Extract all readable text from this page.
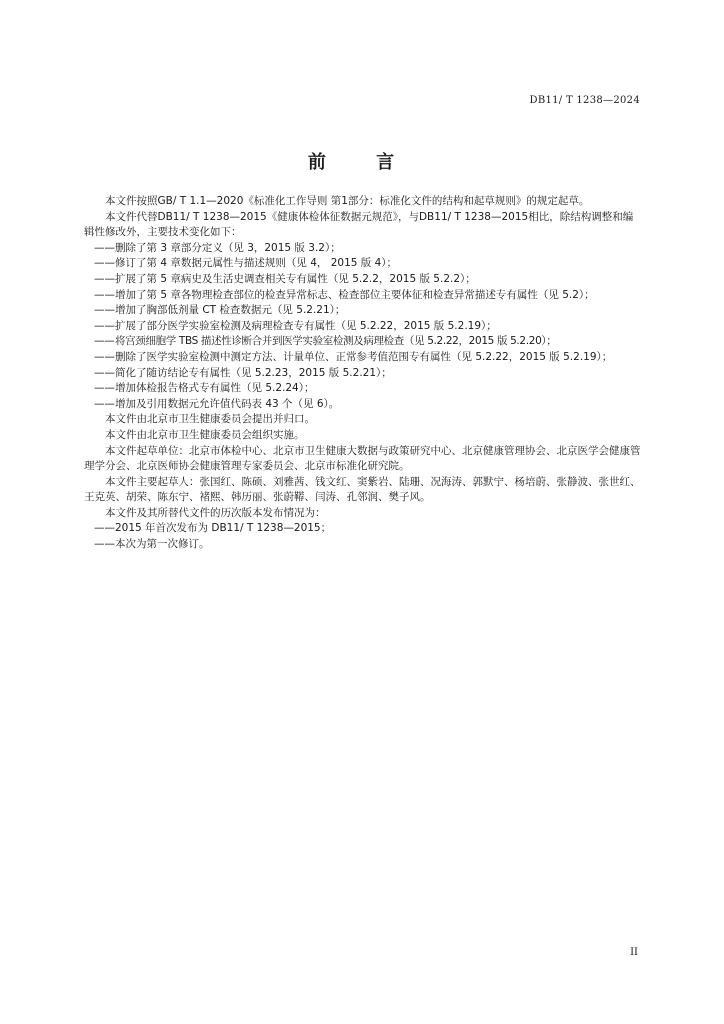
DB11/ T 1238—2024
前 言

本文件按照GB/ T 1.1—2020《标准化工作导则 第1部分：标准化文件的结构和起草规则》的规定起草。

本文件代替DB11/ T 1238—2015《健康体检体征数据元规范》，与DB11/ T 1238—2015相比，除结构调整和编辑性修改外，主要技术变化如下：

—— 删除了第 3 章部分定义（见 3，2015 版 3.2）；

—— 修订了第 4 章数据元属性与描述规则（见 4， 2015 版 4）；

—— 扩展了第 5 章病史及生活史调查相关专有属性（见 5.2.2，2015 版 5.2.2）；

—— 增加了第 5 章各物理检查部位的检查异常标志、检查部位主要体征和检查异常描述专有属性（见 5.2）；

—— 增加了胸部低剂量 CT 检查数据元（见 5.2.21）；

—— 扩展了部分医学实验室检测及病理检查专有属性（见 5.2.22，2015 版 5.2.19）；

—— 将宫颈细胞学 TBS 描述性诊断合并到医学实验室检测及病理检查（见 5.2.22，2015 版 5.2.20）；

—— 删除了医学实验室检测中测定方法、计量单位、正常参考值范围专有属性（见 5.2.22，2015 版 5.2.19）；

—— 简化了随访结论专有属性（见 5.2.23，2015 版 5.2.21）；

—— 增加体检报告格式专有属性（见 5.2.24）；

—— 增加及引用数据元允许值代码表 43 个（见 6）。

本文件由北京市卫生健康委员会提出并归口。

本文件由北京市卫生健康委员会组织实施。

本文件起草单位：北京市体检中心、北京市卫生健康大数据与政策研究中心、北京健康管理协会、北京医学会健康管理学分会、北京医师协会健康管理专家委员会、北京市标准化研究院。

本文件主要起草人：张国红、陈硕、刘雅茜、钱文红、窦紫岩、陆珊、况海涛、郭默宁、杨培蔚、张静波、张世红、王克英、胡荣、陈东宁、褚熙、韩历丽、张蔚鞯、闫涛、孔邻润、樊子风。

本文件及其所替代文件的历次版本发布情况为：

—— 2015 年首次发布为 DB11/ T 1238—2015；

—— 本次为第一次修订。

II
